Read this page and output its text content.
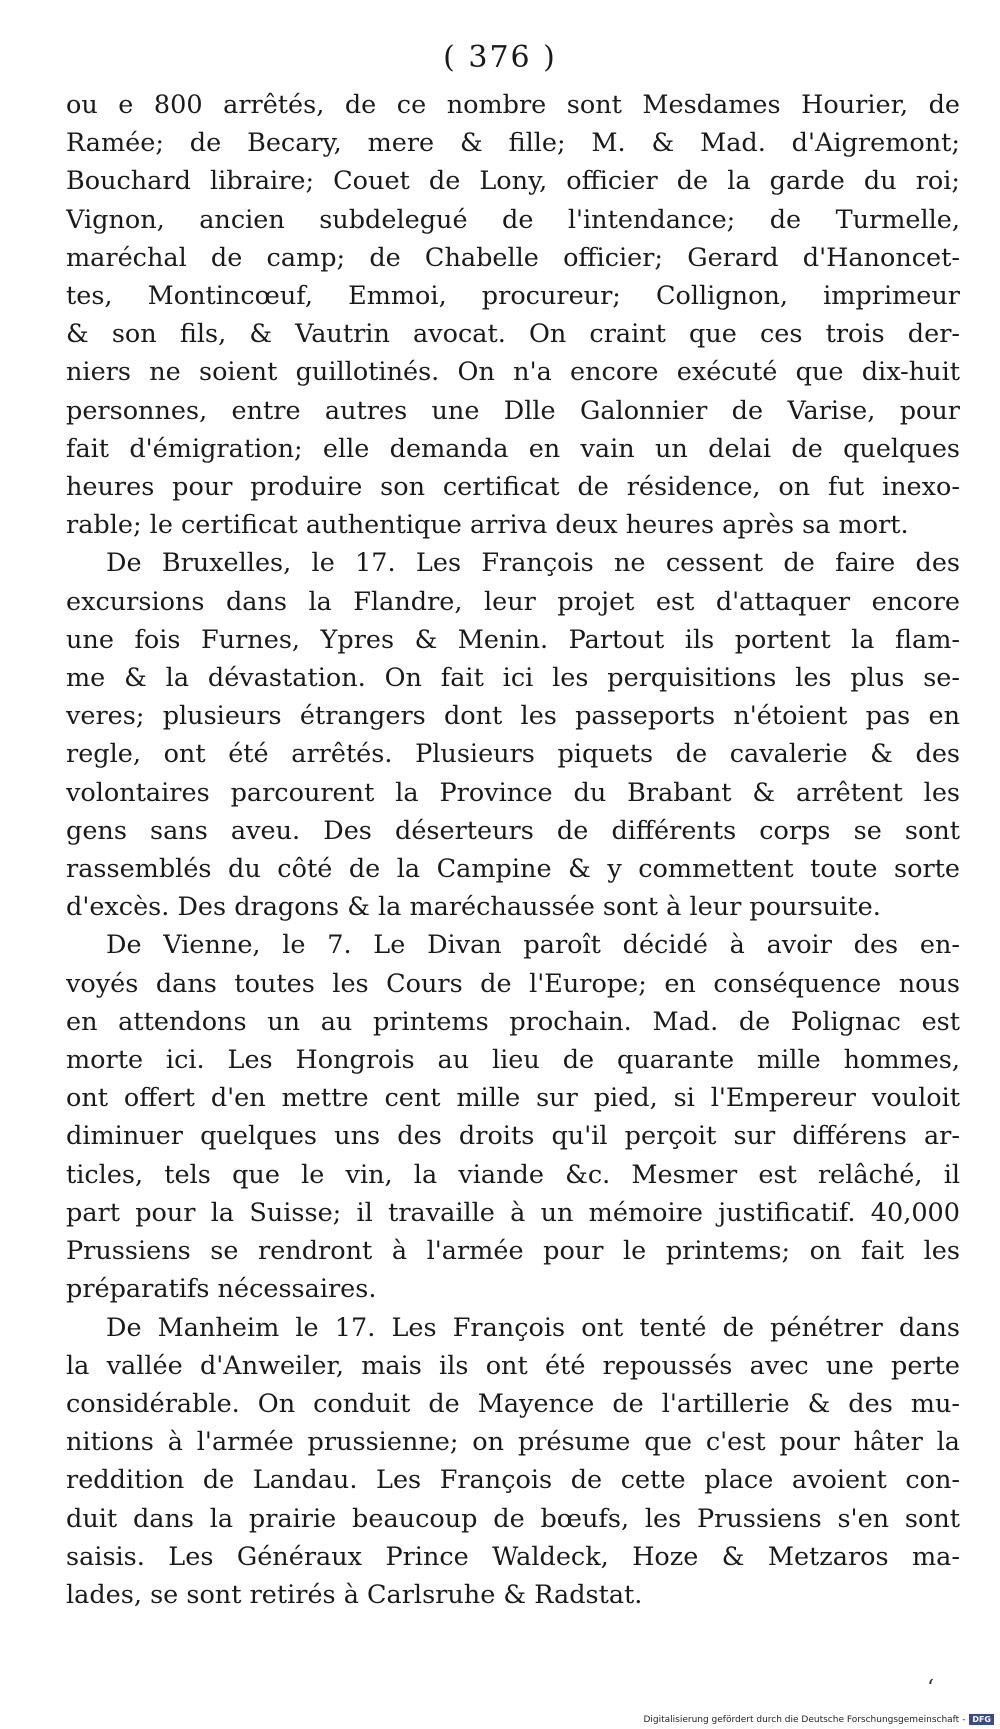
( 376 )
ou e 800 arrêtés, de ce nombre sont Mesdames Hourier, de
Ramée; de Becary, mere & fille; M. & Mad. d'Aigremont;
Bouchard libraire; Couet de Lony, officier de la garde du roi;
Vignon, ancien subdelegué de l'intendance; de Turmelle,
maréchal de camp; de Chabelle officier; Gerard d'Hanoncet-
tes, Montincœuf, Emmoi, procureur; Collignon, imprimeur
& son fils, & Vautrin avocat. On craint que ces trois der-
niers ne soient guillotinés. On n'a encore exécuté que dix-huit
personnes, entre autres une Dlle Galonnier de Varise, pour
fait d'émigration; elle demanda en vain un delai de quelques
heures pour produire son certificat de résidence, on fut inexo-
rable; le certificat authentique arriva deux heures après sa mort.
De Bruxelles, le 17. Les François ne cessent de faire des
excursions dans la Flandre, leur projet est d'attaquer encore
une fois Furnes, Ypres & Menin. Partout ils portent la flam-
me & la dévastation. On fait ici les perquisitions les plus se-
veres; plusieurs étrangers dont les passeports n'étoient pas en
regle, ont été arrêtés. Plusieurs piquets de cavalerie & des
volontaires parcourent la Province du Brabant & arrêtent les
gens sans aveu. Des déserteurs de différents corps se sont
rassemblés du côté de la Campine & y commettent toute sorte
d'excès. Des dragons & la maréchaussée sont à leur poursuite.
De Vienne, le 7. Le Divan paroît décidé à avoir des en-
voyés dans toutes les Cours de l'Europe; en conséquence nous
en attendons un au printems prochain. Mad. de Polignac est
morte ici. Les Hongrois au lieu de quarante mille hommes,
ont offert d'en mettre cent mille sur pied, si l'Empereur vouloit
diminuer quelques uns des droits qu'il perçoit sur différens ar-
ticles, tels que le vin, la viande &c. Mesmer est relâché, il
part pour la Suisse; il travaille à un mémoire justificatif. 40,000
Prussiens se rendront à l'armée pour le printems; on fait les
préparatifs nécessaires.
De Manheim le 17. Les François ont tenté de pénétrer dans
la vallée d'Anweiler, mais ils ont été repoussés avec une perte
considérable. On conduit de Mayence de l'artillerie & des mu-
nitions à l'armée prussienne; on présume que c'est pour hâter la
reddition de Landau. Les François de cette place avoient con-
duit dans la prairie beaucoup de bœufs, les Prussiens s'en sont
saisis. Les Généraux Prince Waldeck, Hoze & Metzaros ma-
lades, se sont retirés à Carlsruhe & Radstat.
‘
Digitalisierung gefördert durch die Deutsche Forschungsgemeinschaft - DFG
